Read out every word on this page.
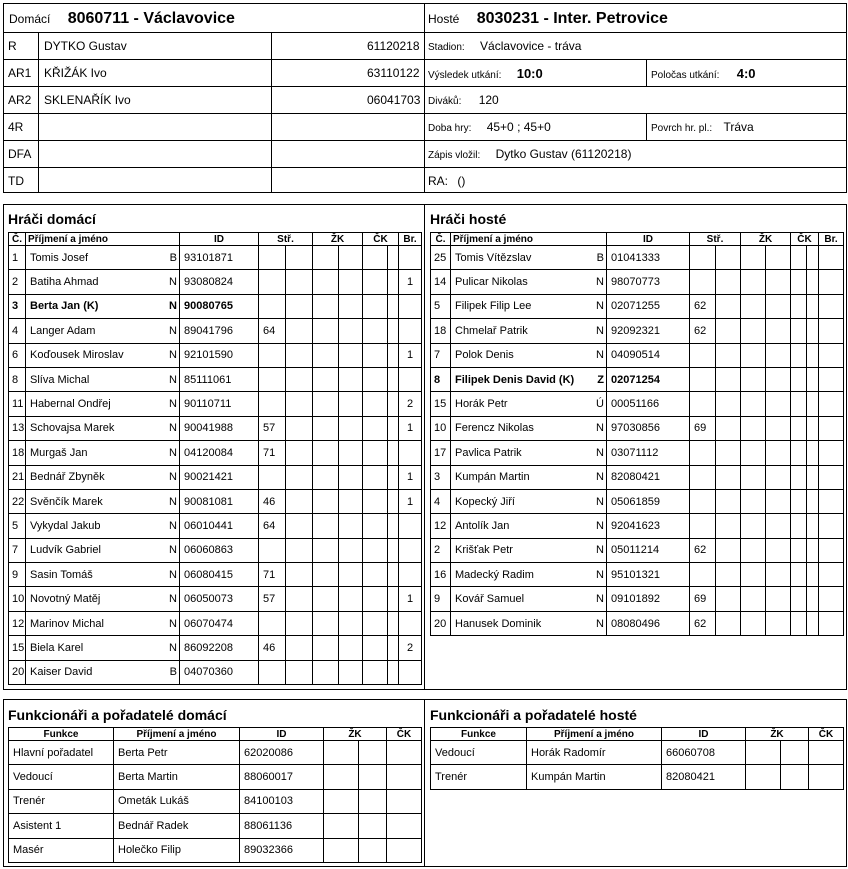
Domácí 8060711 - Václavovice	Hosté 8030231 - Inter. Petrovice
R	DYTKO Gustav	61120218
AR1	KŘIŽÁK Ivo	63110122
AR2	SKLENAŘÍK Ivo	06041703
4R		
DFA		
TD		
Stadion: Václavovice - tráva
Výsledek utkání: 10:0	Poločas utkání: 4:0
Diváků: 120
Doba hry: 45+0 ; 45+0	Povrch hr. pl.: Tráva
Zápis vložil: Dytko Gustav (61120218)
RA: ()
Hráči domácí	Hráči hosté
Č.	Příjmení a jméno		ID	Stř.		ŽK		ČK		Br.
1	Tomis Josef	B	93101871							
2	Batiha Ahmad	N	93080824							1
3	Berta Jan (K)	N	90080765							
4	Langer Adam	N	89041796	64						
6	Koďousek Miroslav	N	92101590							1
8	Slíva Michal	N	85111061							
11	Habernal Ondřej	N	90110711							2
13	Schovajsa Marek	N	90041988	57						1
18	Murgaš Jan	N	04120084	71						
21	Bednář Zbyněk	N	90021421							1
22	Svěnčík Marek	N	90081081	46						1
5	Vykydal Jakub	N	06010441	64						
7	Ludvík Gabriel	N	06060863							
9	Sasin Tomáš	N	06080415	71						
10	Novotný Matěj	N	06050073	57						1
12	Marinov Michal	N	06070474							
15	Biela Karel	N	86092208	46						2
20	Kaiser David	B	04070360							
Č.	Příjmení a jméno		ID	Stř.		ŽK		ČK		Br.
25	Tomis Vítězslav	B	01041333							
14	Pulicar Nikolas	N	98070773							
5	Filipek Filip Lee	N	02071255	62						
18	Chmelař Patrik	N	92092321	62						
7	Polok Denis	N	04090514							
8	Filipek Denis David (K)	Z	02071254							
15	Horák Petr	Ú	00051166							
10	Ferencz Nikolas	N	97030856	69						
17	Pavlica Patrik	N	03071112							
3	Kumpán Martin	N	82080421							
4	Kopecký Jiří	N	05061859							
12	Antolík Jan	N	92041623							
2	Krišťak Petr	N	05011214	62						
16	Madecký Radim	N	95101321							
9	Kovář Samuel	N	09101892	69						
20	Hanusek Dominik	N	08080496	62						
Funkcionáři a pořadatelé domácí	Funkcionáři a pořadatelé hosté
Funkce	Příjmení a jméno	ID	ŽK		ČK
Hlavní pořadatel	Berta Petr	62020086			
Vedoucí	Berta Martin	88060017			
Trenér	Ometák Lukáš	84100103			
Asistent 1	Bednář Radek	88061136			
Masér	Holečko Filip	89032366			
Funkce	Příjmení a jméno	ID	ŽK		ČK
Vedoucí	Horák Radomír	66060708			
Trenér	Kumpán Martin	82080421			
